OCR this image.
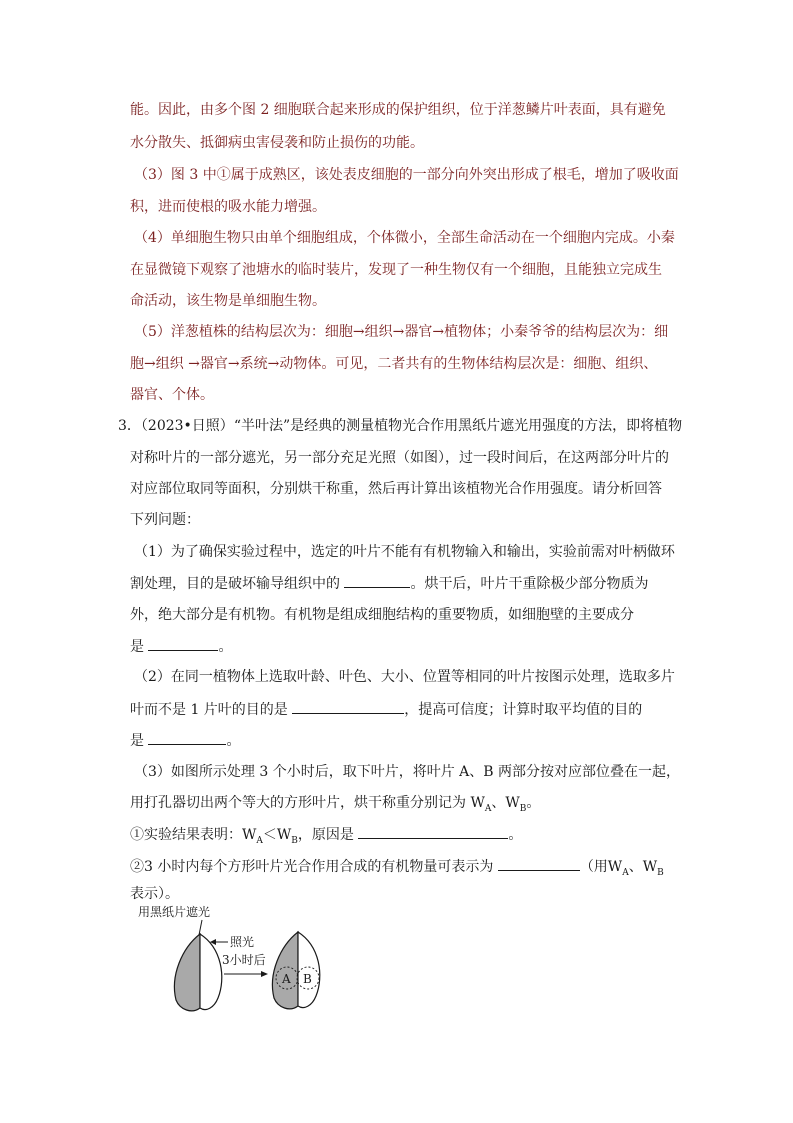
能。因此，由多个图 2 细胞联合起来形成的保护组织，位于洋葱鳞片叶表面，具有避免
水分散失、抵御病虫害侵袭和防止损伤的功能。
（3）图 3 中①属于成熟区，该处表皮细胞的一部分向外突出形成了根毛，增加了吸收面
积，进而使根的吸水能力增强。
（4）单细胞生物只由单个细胞组成，个体微小，全部生命活动在一个细胞内完成。小秦
在显微镜下观察了池塘水的临时装片，发现了一种生物仅有一个细胞，且能独立完成生
命活动，该生物是单细胞生物。
（5）洋葱植株的结构层次为：细胞→组织→器官→植物体；小秦爷爷的结构层次为：细
胞→组织 →器官→系统→动物体。可见，二者共有的生物体结构层次是：细胞、组织、
器官、个体。
3．（2023•日照）“半叶法”是经典的测量植物光合作用黑纸片遮光用强度的方法，即将植物
对称叶片的一部分遮光，另一部分充足光照（如图），过一段时间后，在这两部分叶片的
对应部位取同等面积，分别烘干称重，然后再计算出该植物光合作用强度。请分析回答
下列问题：
（1）为了确保实验过程中，选定的叶片不能有有机物输入和输出，实验前需对叶柄做环
割处理，目的是破坏输导组织中的	。烘干后，叶片干重除极少部分物质为
外，绝大部分是有机物。有机物是组成细胞结构的重要物质，如细胞壁的主要成分
是	。
（2）在同一植物体上选取叶龄、叶色、大小、位置等相同的叶片按图示处理，选取多片
叶而不是 1 片叶的目的是	，提高可信度；计算时取平均值的目的
是	。
（3）如图所示处理 3 个小时后，取下叶片，将叶片 A、B 两部分按对应部位叠在一起，
用打孔器切出两个等大的方形叶片，烘干称重分别记为 $W_A$、$W_B$。
①实验结果表明：$W_A<W_B$，原因是	。
②3 小时内每个方形叶片光合作用合成的有机物量可表示为	（用$W_A$、$W_B$
表示）。
用黑纸片遮光
照光
3小时后
A B
